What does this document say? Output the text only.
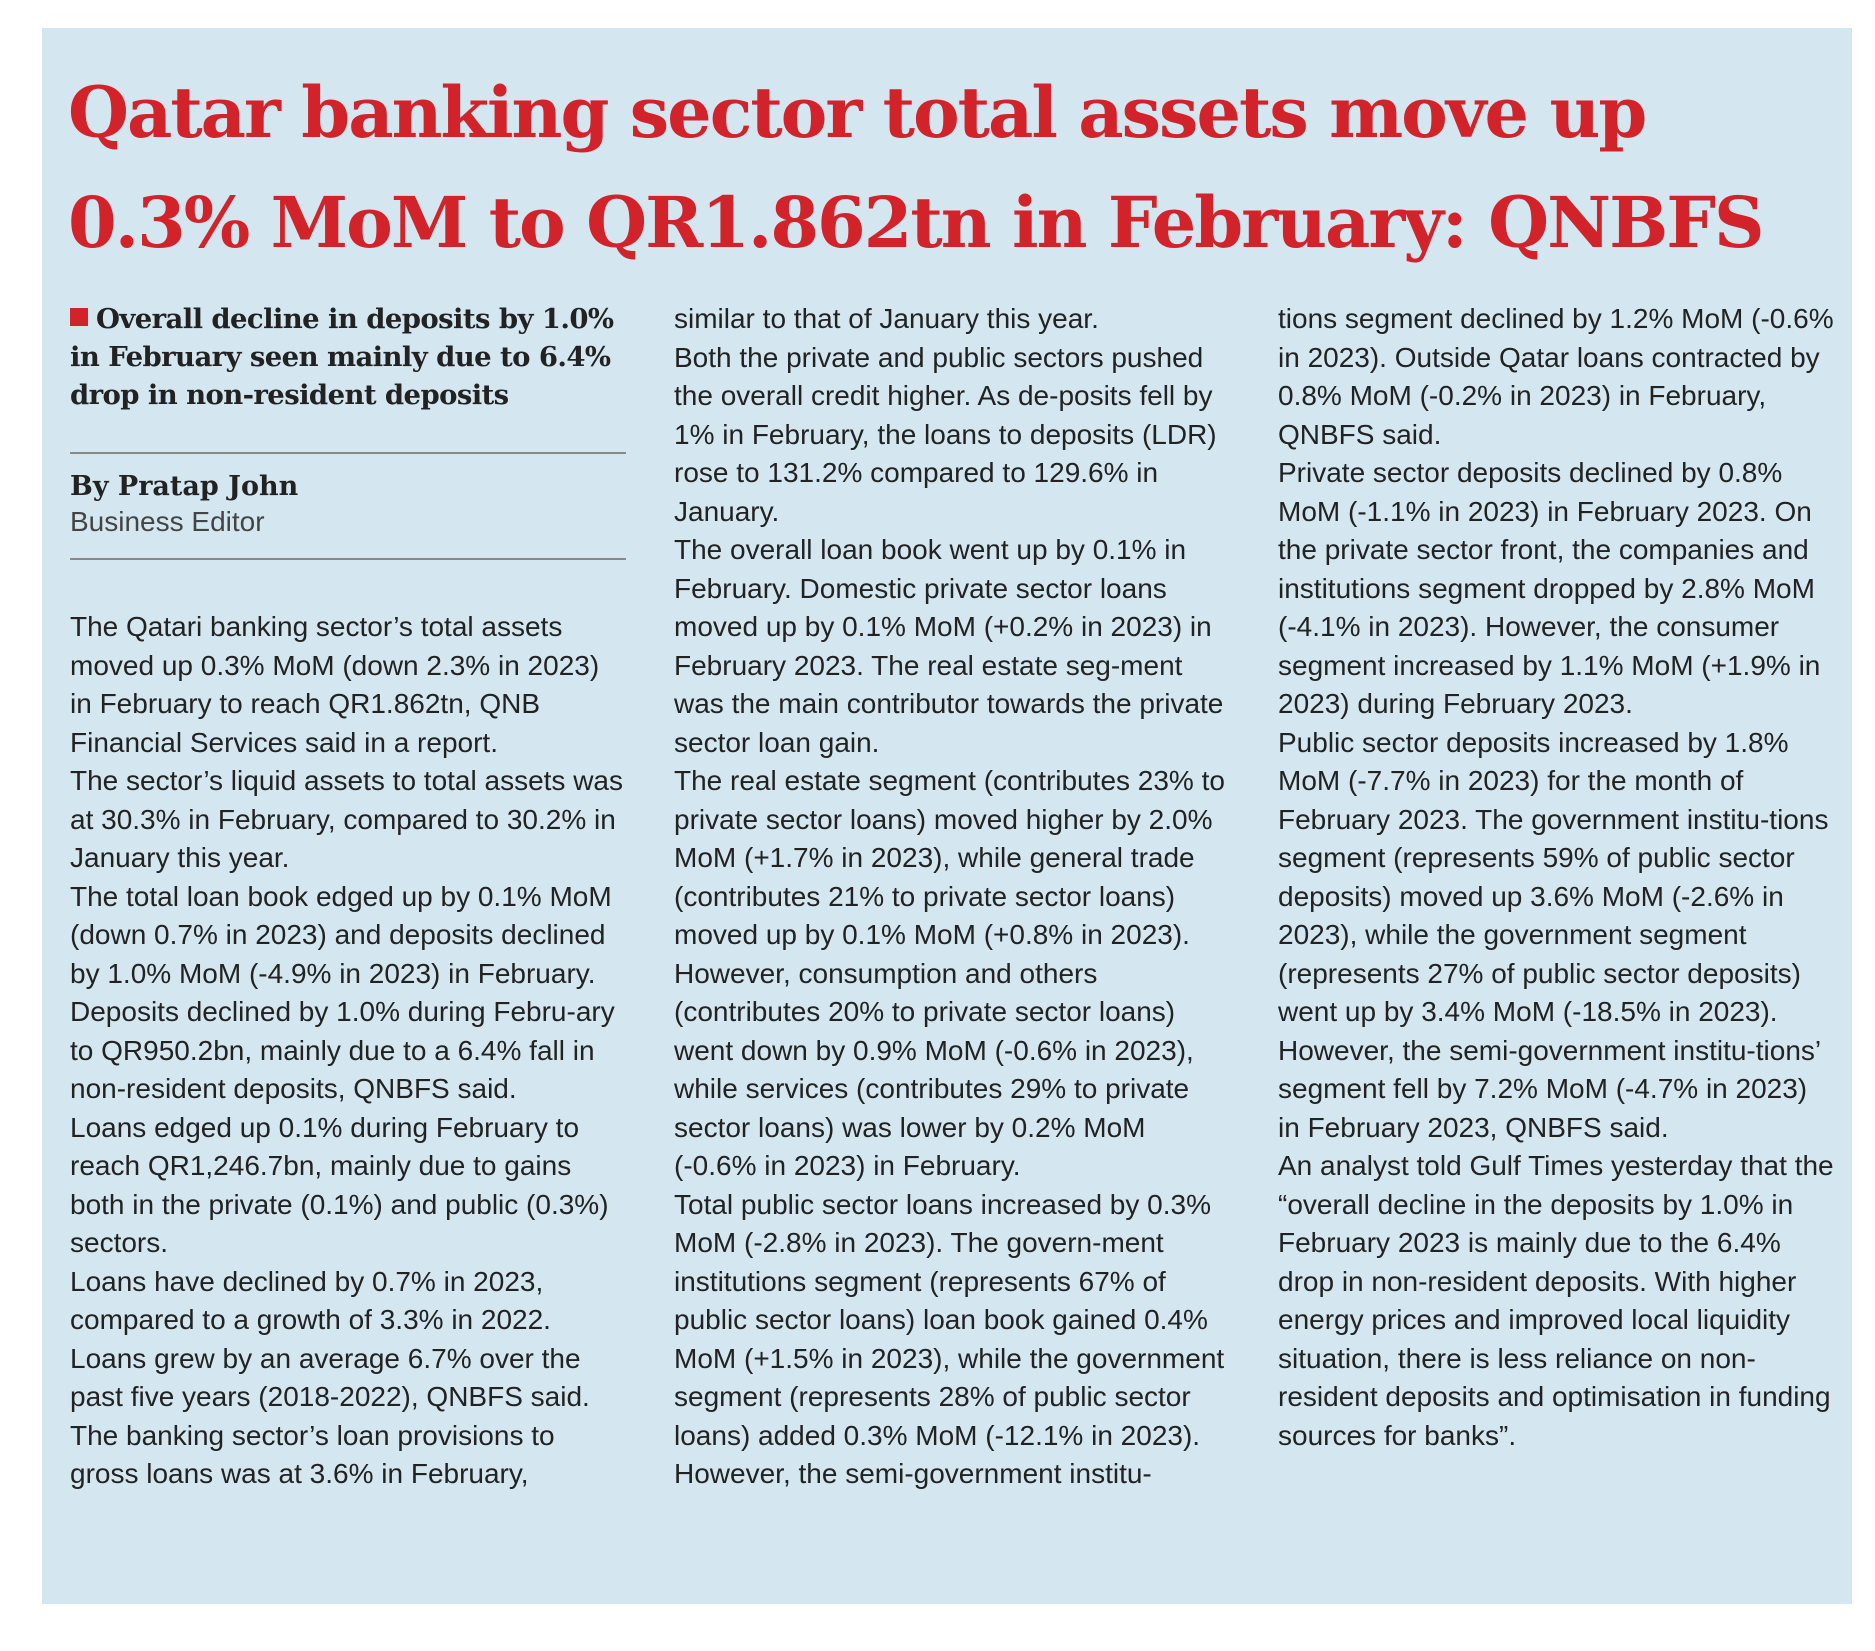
Qatar banking sector total assets move up 0.3% MoM to QR1.862tn in February: QNBFS

Overall decline in deposits by 1.0% in February seen mainly due to 6.4% drop in non-resident deposits

By Pratap John
Business Editor

The Qatari banking sector’s total assets moved up 0.3% MoM (down 2.3% in 2023) in February to reach QR1.862tn, QNB Financial Services said in a report.

The sector’s liquid assets to total assets was at 30.3% in February, compared to 30.2% in January this year.

The total loan book edged up by 0.1% MoM (down 0.7% in 2023) and deposits declined by 1.0% MoM (-4.9% in 2023) in February.

Deposits declined by 1.0% during Febru-ary to QR950.2bn, mainly due to a 6.4% fall in non-resident deposits, QNBFS said.

Loans edged up 0.1% during February to reach QR1,246.7bn, mainly due to gains both in the private (0.1%) and public (0.3%) sectors.

Loans have declined by 0.7% in 2023, compared to a growth of 3.3% in 2022.

Loans grew by an average 6.7% over the past five years (2018-2022), QNBFS said.

The banking sector’s loan provisions to gross loans was at 3.6% in February,

similar to that of January this year.

Both the private and public sectors pushed the overall credit higher. As de-posits fell by 1% in February, the loans to deposits (LDR) rose to 131.2% compared to 129.6% in January.

The overall loan book went up by 0.1% in February. Domestic private sector loans moved up by 0.1% MoM (+0.2% in 2023) in February 2023. The real estate seg-ment was the main contributor towards the private sector loan gain.

The real estate segment (contributes 23% to private sector loans) moved higher by 2.0% MoM (+1.7% in 2023), while general trade (contributes 21% to private sector loans) moved up by 0.1% MoM (+0.8% in 2023).

However, consumption and others (contributes 20% to private sector loans) went down by 0.9% MoM (-0.6% in 2023), while services (contributes 29% to private sector loans) was lower by 0.2% MoM (-0.6% in 2023) in February.

Total public sector loans increased by 0.3% MoM (-2.8% in 2023). The govern-ment institutions segment (represents 67% of public sector loans) loan book gained 0.4% MoM (+1.5% in 2023), while the government segment (represents 28% of public sector loans) added 0.3% MoM (-12.1% in 2023).

However, the semi-government institu-

tions segment declined by 1.2% MoM (-0.6% in 2023). Outside Qatar loans contracted by 0.8% MoM (-0.2% in 2023) in February, QNBFS said.

Private sector deposits declined by 0.8% MoM (-1.1% in 2023) in February 2023. On the private sector front, the companies and institutions segment dropped by 2.8% MoM (-4.1% in 2023). However, the consumer segment increased by 1.1% MoM (+1.9% in 2023) during February 2023.

Public sector deposits increased by 1.8% MoM (-7.7% in 2023) for the month of February 2023. The government institu-tions segment (represents 59% of public sector deposits) moved up 3.6% MoM (-2.6% in 2023), while the government segment (represents 27% of public sector deposits) went up by 3.4% MoM (-18.5% in 2023).

However, the semi-government institu-tions’ segment fell by 7.2% MoM (-4.7% in 2023) in February 2023, QNBFS said.

An analyst told Gulf Times yesterday that the “overall decline in the deposits by 1.0% in February 2023 is mainly due to the 6.4% drop in non-resident deposits. With higher energy prices and improved local liquidity situation, there is less reliance on non-resident deposits and optimisation in funding sources for banks”.
